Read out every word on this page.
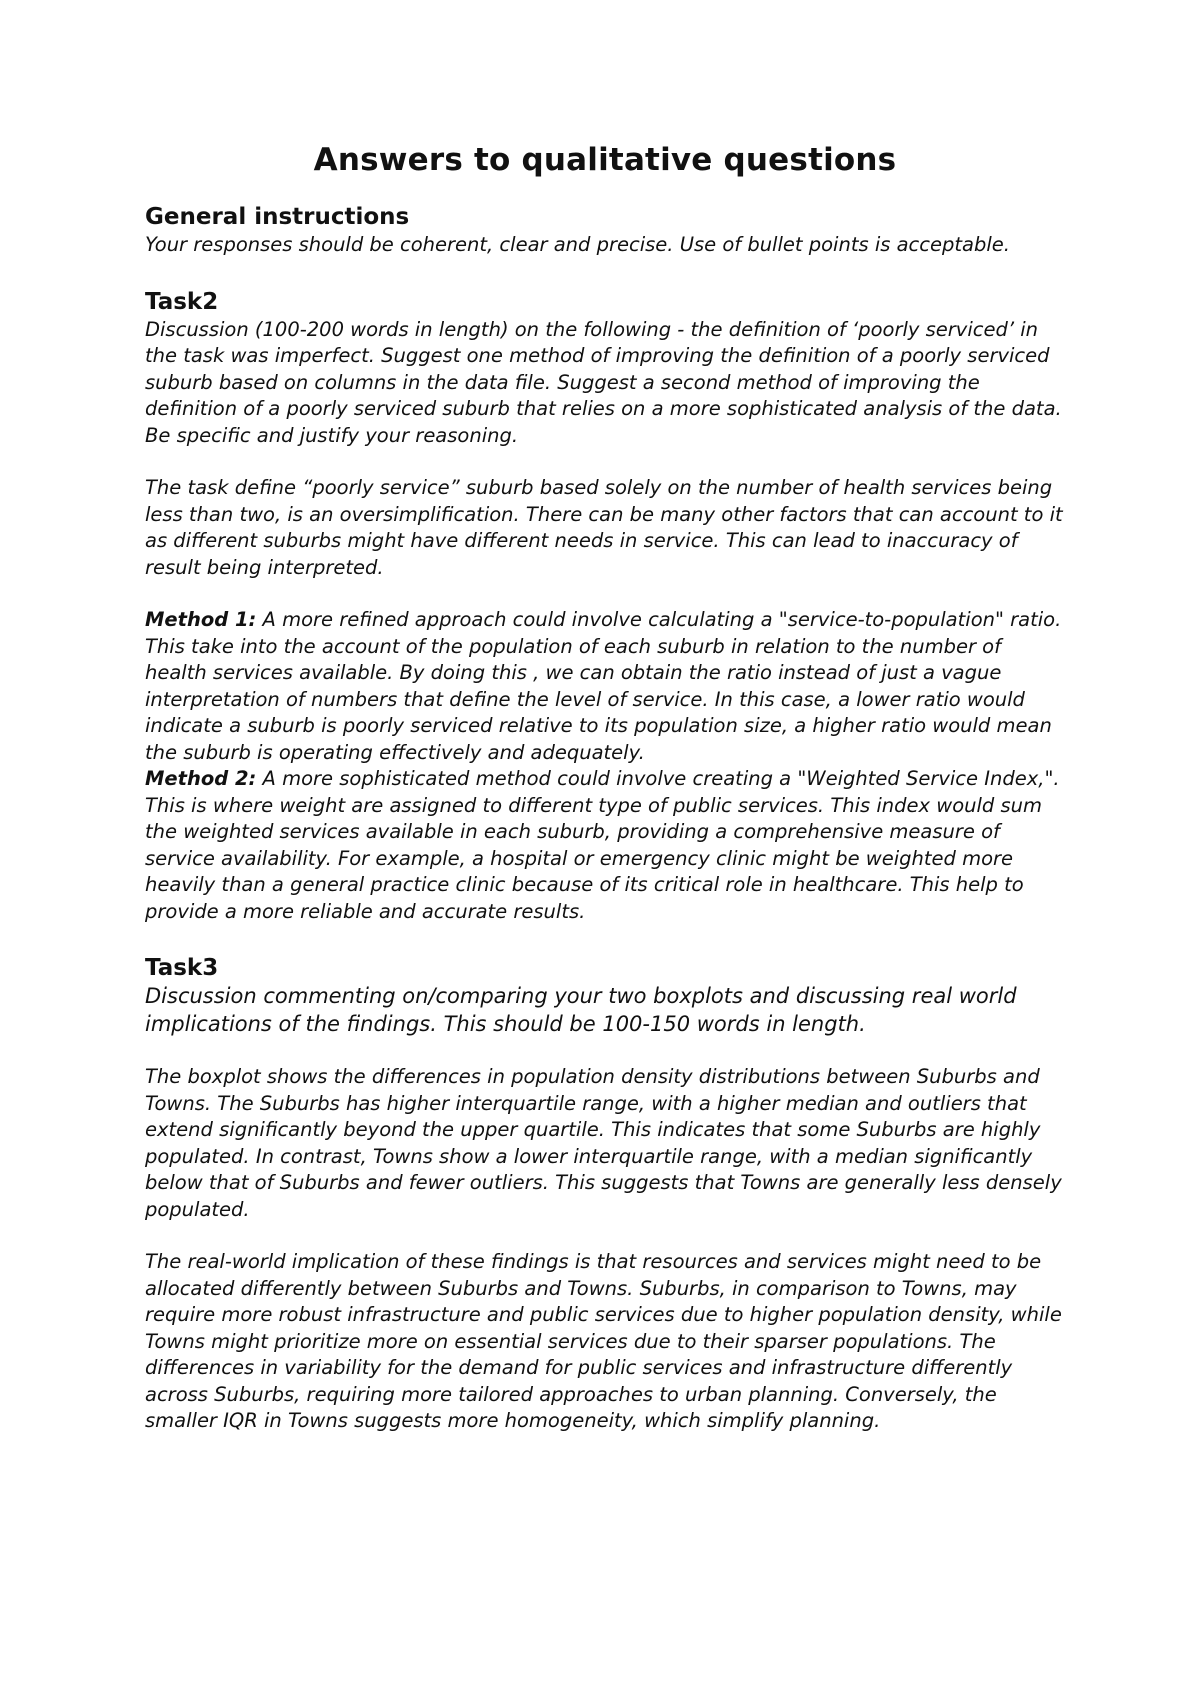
Answers to qualitative questions
General instructions

Your responses should be coherent, clear and precise. Use of bullet points is acceptable.

Task2

Discussion (100-200 words in length) on the following - the definition of ‘poorly serviced’ in the task was imperfect. Suggest one method of improving the definition of a poorly serviced suburb based on columns in the data file. Suggest a second method of improving the definition of a poorly serviced suburb that relies on a more sophisticated analysis of the data. Be specific and justify your reasoning.

The task define “poorly service” suburb based solely on the number of health services being less than two, is an oversimplification. There can be many other factors that can account to it as different suburbs might have different needs in service. This can lead to inaccuracy of result being interpreted.

Method 1: A more refined approach could involve calculating a "service-to-population" ratio. This take into the account of the population of each suburb in relation to the number of health services available. By doing this , we can obtain the ratio instead of just a vague interpretation of numbers that define the level of service. In this case, a lower ratio would indicate a suburb is poorly serviced relative to its population size, a higher ratio would mean the suburb is operating effectively and adequately.

Method 2: A more sophisticated method could involve creating a "Weighted Service Index,". This is where weight are assigned to different type of public services. This index would sum the weighted services available in each suburb, providing a comprehensive measure of service availability. For example, a hospital or emergency clinic might be weighted more heavily than a general practice clinic because of its critical role in healthcare. This help to provide a more reliable and accurate results.

Task3

Discussion commenting on/comparing your two boxplots and discussing real world implications of the findings. This should be 100-150 words in length.

The boxplot shows the differences in population density distributions between Suburbs and Towns. The Suburbs has higher interquartile range, with a higher median and outliers that extend significantly beyond the upper quartile. This indicates that some Suburbs are highly populated. In contrast, Towns show a lower interquartile range, with a median significantly below that of Suburbs and fewer outliers. This suggests that Towns are generally less densely populated.

The real-world implication of these findings is that resources and services might need to be allocated differently between Suburbs and Towns. Suburbs, in comparison to Towns, may require more robust infrastructure and public services due to higher population density, while Towns might prioritize more on essential services due to their sparser populations. The differences in variability for the demand for public services and infrastructure differently across Suburbs, requiring more tailored approaches to urban planning. Conversely, the smaller IQR in Towns suggests more homogeneity, which simplify planning.
